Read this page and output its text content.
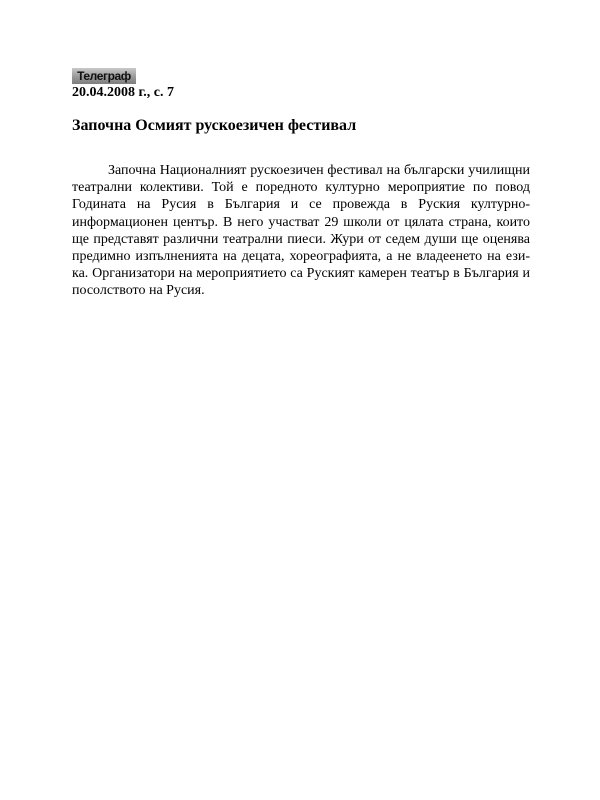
Телеграф
20.04.2008 г., с. 7
Започна Осмият рускоезичен фестивал

Започна Националният рускоезичен фестивал на български училищни театрални колективи. Той е поредното културно мероприятие по повод Годината на Русия в България и се провежда в Руския културно-информационен център. В него участват 29 школи от цялата страна, които ще представят различни театрални пиеси. Жури от седем души ще оценява предимно изпълненията на децата, хореографията, а не владеенето на ези-ка. Организатори на мероприятието са Руският камерен театър в България и посолството на Русия.
